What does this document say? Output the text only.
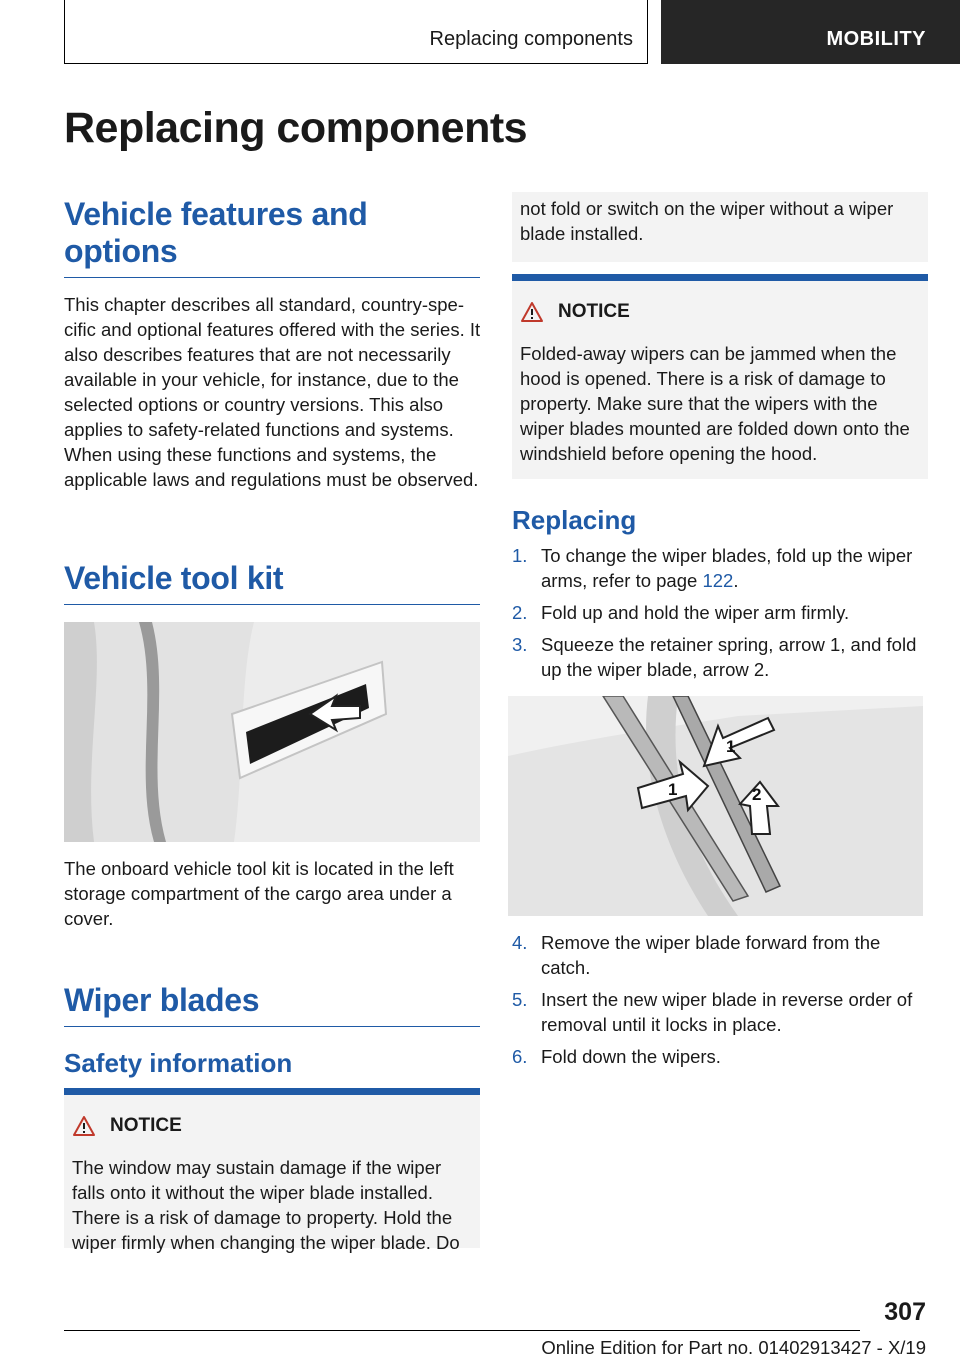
Replacing components	MOBILITY
Replacing components
Vehicle features and options

This chapter describes all standard, country-specific and optional features offered with the series. It also describes features that are not necessarily available in your vehicle, for instance, due to the selected options or country versions. This also applies to safety-related functions and systems. When using these functions and systems, the applicable laws and regulations must be observed.

Vehicle tool kit

The onboard vehicle tool kit is located in the left storage compartment of the cargo area under a cover.

Wiper blades
Safety information
NOTICE

The window may sustain damage if the wiper falls onto it without the wiper blade installed. There is a risk of damage to property. Hold the wiper firmly when changing the wiper blade. Do

not fold or switch on the wiper without a wiper blade installed.

NOTICE

Folded-away wipers can be jammed when the hood is opened. There is a risk of damage to property. Make sure that the wipers with the wiper blades mounted are folded down onto the windshield before opening the hood.

Replacing
1. To change the wiper blades, fold up the wiper arms, refer to page 122.
2. Fold up and hold the wiper arm firmly.
3. Squeeze the retainer spring, arrow 1, and fold up the wiper blade, arrow 2.
1
1
2
4. Remove the wiper blade forward from the catch.
5. Insert the new wiper blade in reverse order of removal until it locks in place.
6. Fold down the wipers.
307
Online Edition for Part no. 01402913427 - X/19
